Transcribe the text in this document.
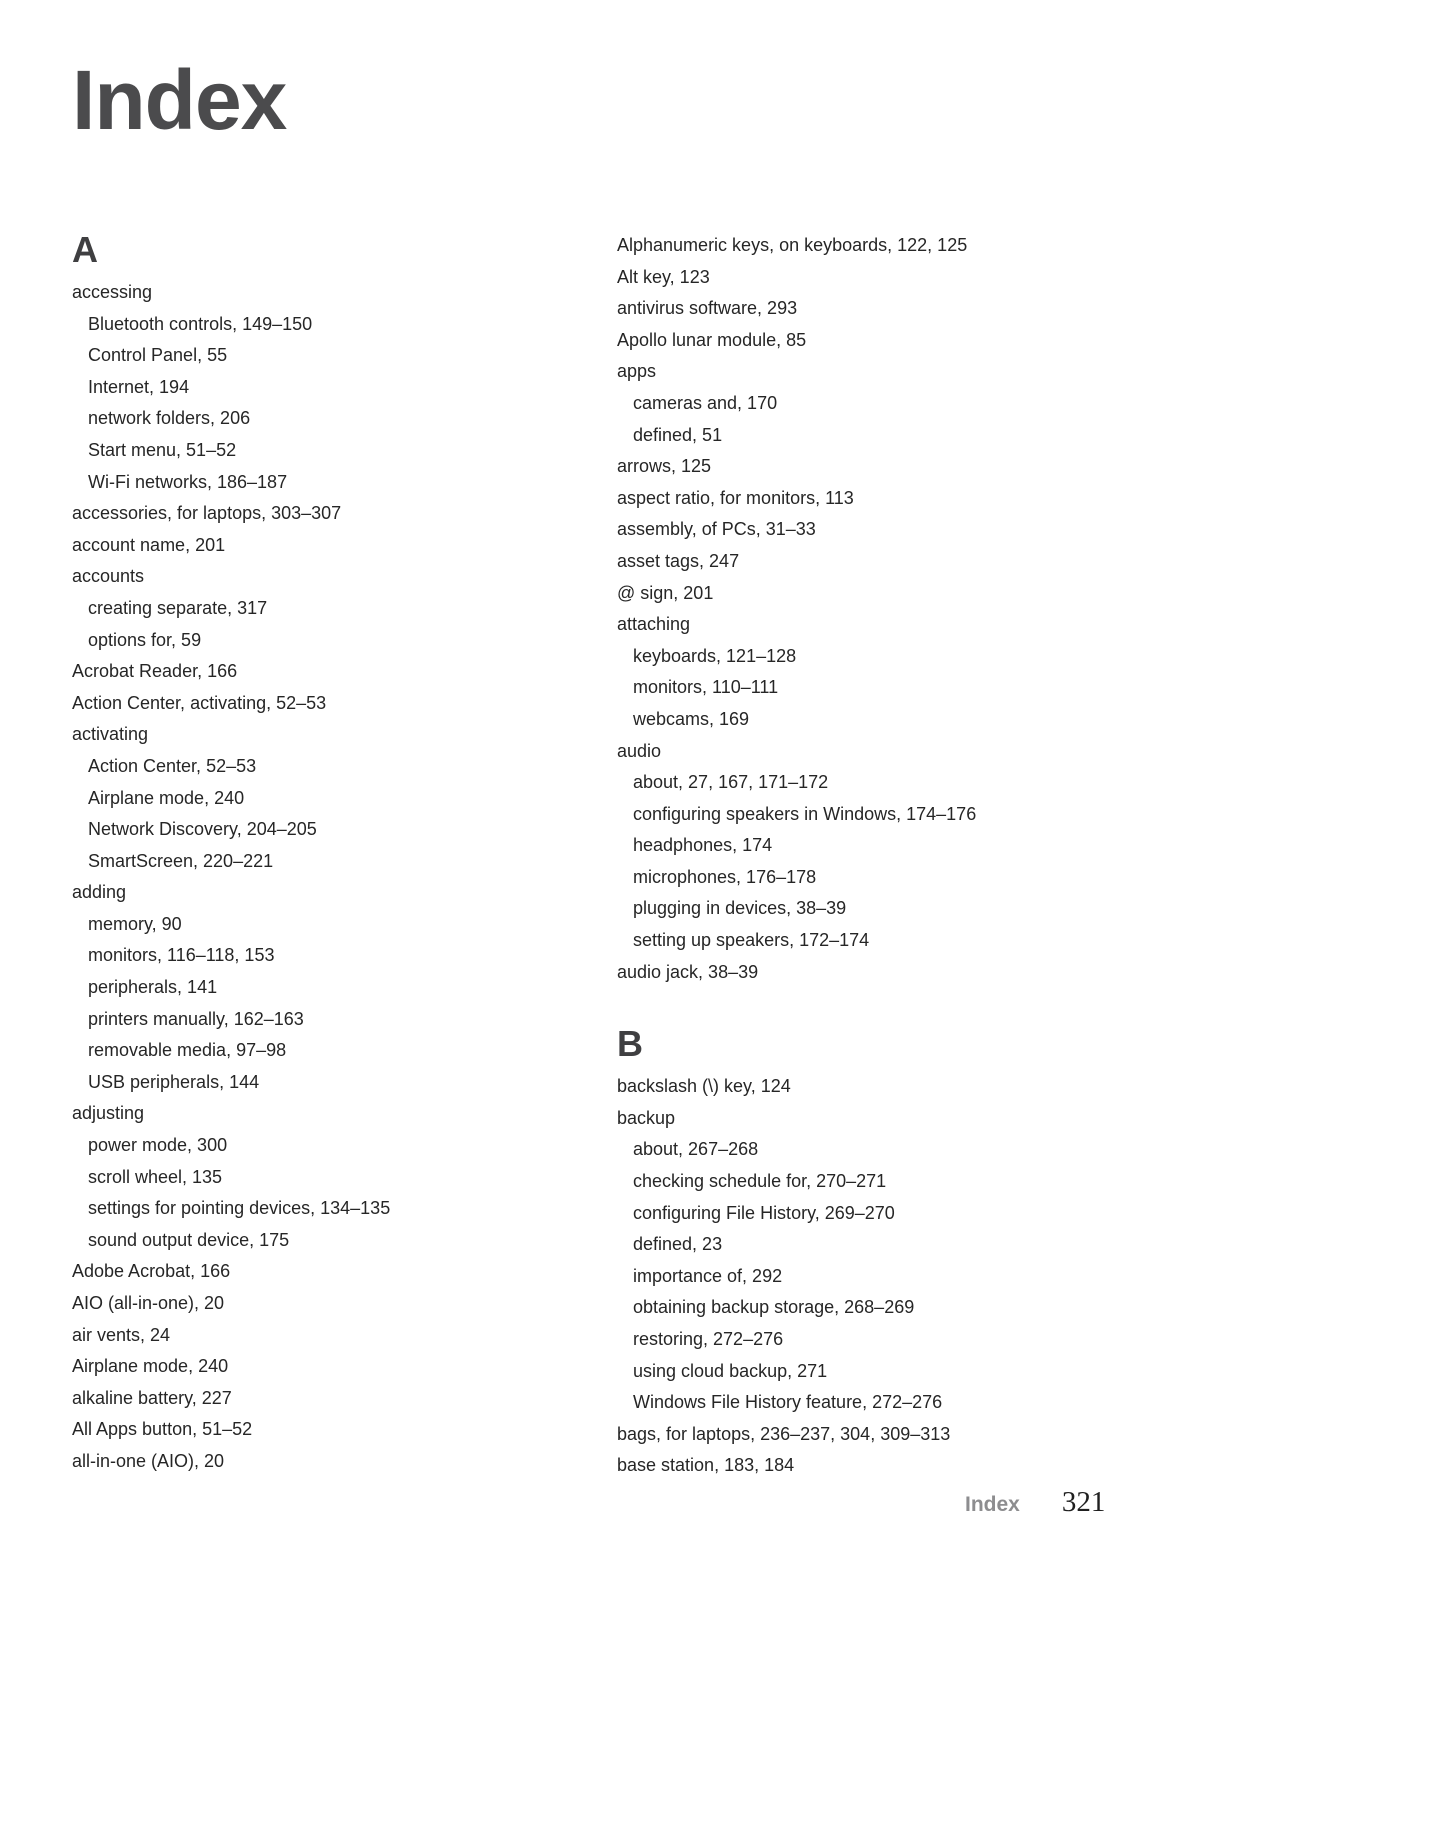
Index
A
accessing
Bluetooth controls, 149–150
Control Panel, 55
Internet, 194
network folders, 206
Start menu, 51–52
Wi-Fi networks, 186–187
accessories, for laptops, 303–307
account name, 201
accounts
creating separate, 317
options for, 59
Acrobat Reader, 166
Action Center, activating, 52–53
activating
Action Center, 52–53
Airplane mode, 240
Network Discovery, 204–205
SmartScreen, 220–221
adding
memory, 90
monitors, 116–118, 153
peripherals, 141
printers manually, 162–163
removable media, 97–98
USB peripherals, 144
adjusting
power mode, 300
scroll wheel, 135
settings for pointing devices, 134–135
sound output device, 175
Adobe Acrobat, 166
AIO (all-in-one), 20
air vents, 24
Airplane mode, 240
alkaline battery, 227
All Apps button, 51–52
all-in-one (AIO), 20
Alphanumeric keys, on keyboards, 122, 125
Alt key, 123
antivirus software, 293
Apollo lunar module, 85
apps
cameras and, 170
defined, 51
arrows, 125
aspect ratio, for monitors, 113
assembly, of PCs, 31–33
asset tags, 247
@ sign, 201
attaching
keyboards, 121–128
monitors, 110–111
webcams, 169
audio
about, 27, 167, 171–172
configuring speakers in Windows, 174–176
headphones, 174
microphones, 176–178
plugging in devices, 38–39
setting up speakers, 172–174
audio jack, 38–39
B
backslash (\) key, 124
backup
about, 267–268
checking schedule for, 270–271
configuring File History, 269–270
defined, 23
importance of, 292
obtaining backup storage, 268–269
restoring, 272–276
using cloud backup, 271
Windows File History feature, 272–276
bags, for laptops, 236–237, 304, 309–313
base station, 183, 184
Index 321
